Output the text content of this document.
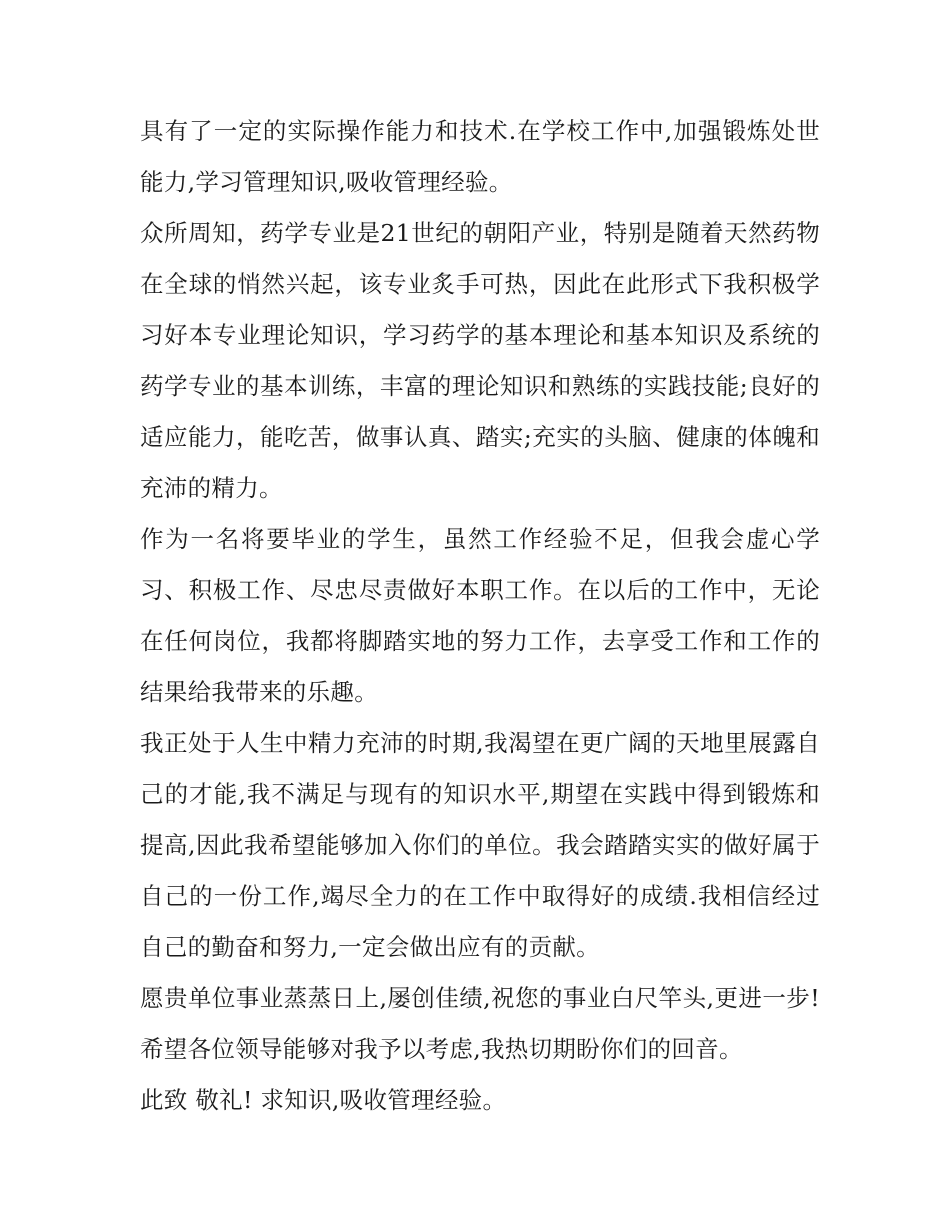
具有了一定的实际操作能力和技术.在学校工作中,加强锻炼处世能力,学习管理知识,吸收管理经验。

众所周知，药学专业是21世纪的朝阳产业，特别是随着天然药物在全球的悄然兴起，该专业炙手可热，因此在此形式下我积极学习好本专业理论知识，学习药学的基本理论和基本知识及系统的药学专业的基本训练，丰富的理论知识和熟练的实践技能;良好的适应能力，能吃苦，做事认真、踏实;充实的头脑、健康的体魄和充沛的精力。

作为一名将要毕业的学生，虽然工作经验不足，但我会虚心学习、积极工作、尽忠尽责做好本职工作。在以后的工作中，无论在任何岗位，我都将脚踏实地的努力工作，去享受工作和工作的结果给我带来的乐趣。

我正处于人生中精力充沛的时期,我渴望在更广阔的天地里展露自己的才能,我不满足与现有的知识水平,期望在实践中得到锻炼和提高,因此我希望能够加入你们的单位。我会踏踏实实的做好属于自己的一份工作,竭尽全力的在工作中取得好的成绩.我相信经过自己的勤奋和努力,一定会做出应有的贡献。

愿贵单位事业蒸蒸日上,屡创佳绩,祝您的事业白尺竿头,更进一步!希望各位领导能够对我予以考虑,我热切期盼你们的回音。

此致 敬礼! 求知识,吸收管理经验。
